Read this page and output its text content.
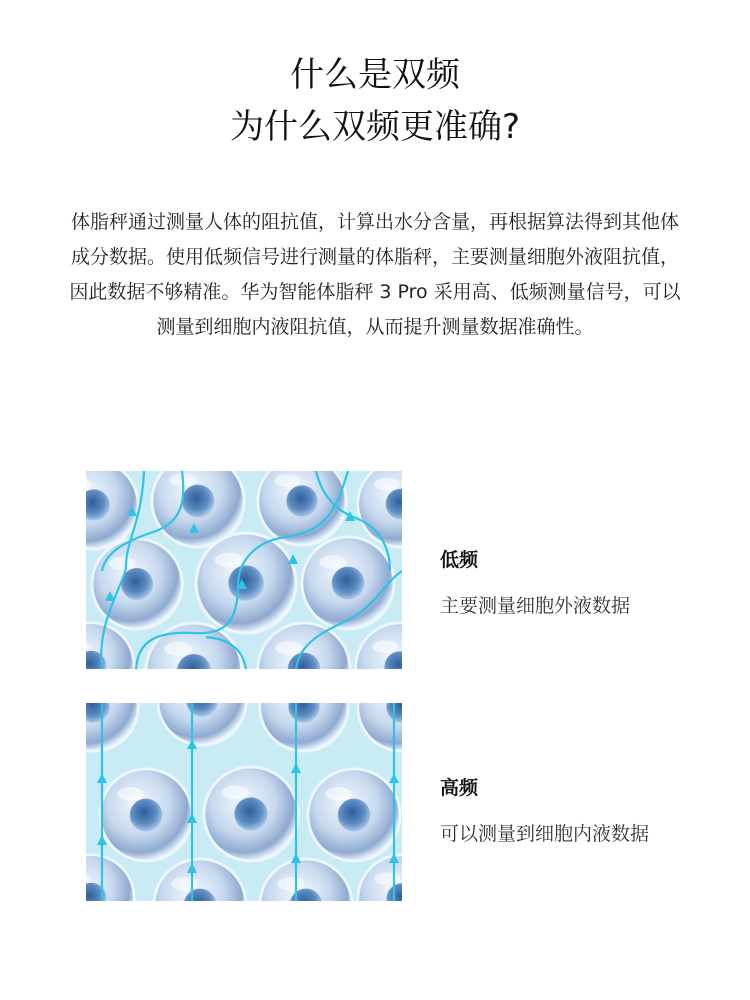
什么是双频
为什么双频更准确?
体脂秤通过测量人体的阻抗值，计算出水分含量，再根据算法得到其他体成分数据。使用低频信号进行测量的体脂秤，主要测量细胞外液阻抗值，因此数据不够精准。华为智能体脂秤 3 Pro 采用高、低频测量信号，可以测量到细胞内液阻抗值，从而提升测量数据准确性。
低频
主要测量细胞外液数据
高频
可以测量到细胞内液数据
